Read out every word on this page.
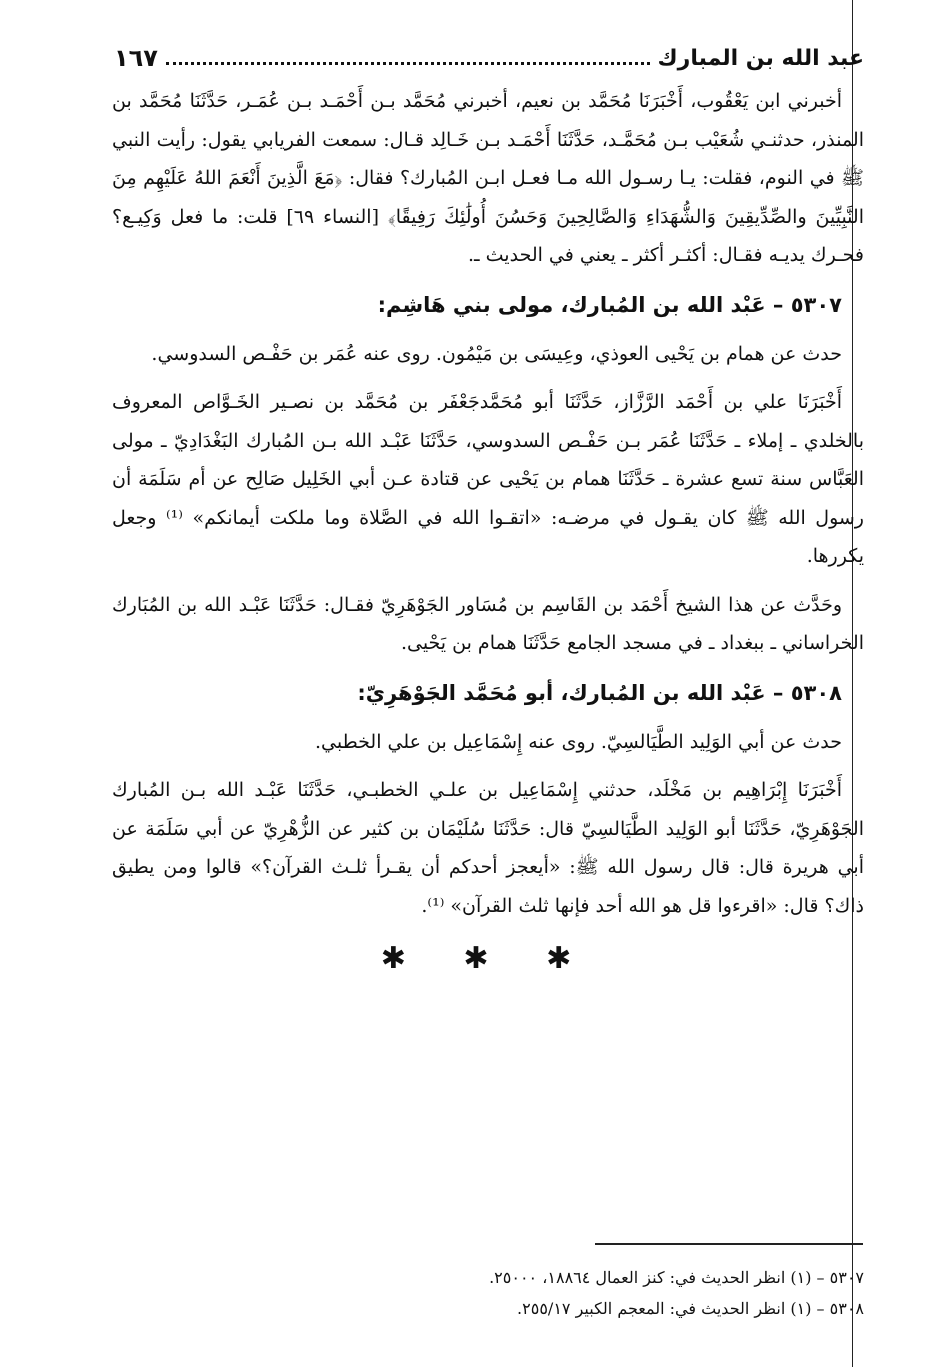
عبد الله بن المبارك
١٦٧

أخبرني ابن يَعْقُوب، أَخْبَرَنَا مُحَمَّد بن نعيم، أخبرني مُحَمَّد بـن أَحْمَـد بـن عُمَـر، حَدَّثَنَا مُحَمَّد بن المنذر، حدثنـي شُعَيْب بـن مُحَمَّـد، حَدَّثَنَا أَحْمَـد بـن خَـالِد قـال: سمعت الفريابي يقول: رأيت النبي ﷺ في النوم، فقلت: يـا رسـول الله مـا فعـل ابـن المُبارك؟ فقال: ﴿مَعَ الَّذِينَ أَنْعَمَ اللهُ عَلَيْهِم مِنَ النَّبِيِّينَ والصِّدِّيقِينَ وَالشُّهَدَاءِ وَالصَّالِحِينَ وَحَسُنَ أُولَٰئِكَ رَفِيقًا﴾ [النساء ٦٩] قلت: ما فعل وَكِيـع؟ فحـرك يديـه فقـال: أكثـر أكثر ـ يعني في الحديث ـ.

٥٣٠٧ – عَبْد الله بن المُبارك، مولى بني هَاشِم:

حدث عن همام بن يَحْيى العوذي، وعِيسَى بن مَيْمُون. روى عنه عُمَر بن حَفْـص السدوسي.

أَخْبَرَنَا علي بن أَحْمَد الرَّزَّاز، حَدَّثَنَا أبو مُحَمَّدجَعْفَر بن مُحَمَّد بن نصـير الخَـوَّاص المعروف بالخلدي ـ إملاء ـ حَدَّثَنَا عُمَر بـن حَفْـص السدوسي، حَدَّثَنَا عَبْـد الله بـن المُبارك البَغْدَادِيّ ـ مولى العَبَّاس سنة تسع عشرة ـ حَدَّثَنَا همام بن يَحْيى عن قتادة عـن أبي الخَلِيل صَالِح عن أم سَلَمَة أن رسول الله ﷺ كان يقـول في مرضـه: «اتقـوا الله في الصَّلاة وما ملكت أيمانكم» ⁽¹⁾ وجعل يكررها.

وحَدَّث عن هذا الشيخ أَحْمَد بن القَاسِم بن مُسَاور الجَوْهَرِيّ فقـال: حَدَّثَنَا عَبْـد الله بن المُبَارك الخراساني ـ ببغداد ـ في مسجد الجامع حَدَّثَنَا همام بن يَحْيى.

٥٣٠٨ – عَبْد الله بن المُبارك، أبو مُحَمَّد الجَوْهَرِيّ:

حدث عن أبي الوَلِيد الطَّيَالسِيّ. روى عنه إِسْمَاعِيل بن علي الخطبي.

أَخْبَرَنَا إِبْرَاهِيم بن مَخْلَد، حدثني إِسْمَاعِيل بن علـي الخطبـي، حَدَّثَنَا عَبْـد الله بـن المُبارك الجَوْهَرِيّ، حَدَّثَنَا أبو الوَلِيد الطَّيَالسِيّ قال: حَدَّثَنَا سُلَيْمَان بن كثير عن الزُّهْرِيّ عن أبي سَلَمَة عن أبي هريرة قال: قال رسول الله ﷺ: «أيعجز أحدكم أن يقـرأ ثلـث القرآن؟» قالوا ومن يطيق ذاك؟ قال: «اقرءوا قل هو الله أحد فإنها ثلث القرآن» ⁽¹⁾.

✱ ✱ ✱

٥٣٠٧ – (١) انظر الحديث في: كنز العمال ١٨٨٦٤، ٢٥٠٠٠.

٥٣٠٨ – (١) انظر الحديث في: المعجم الكبير ٢٥٥/١٧.
